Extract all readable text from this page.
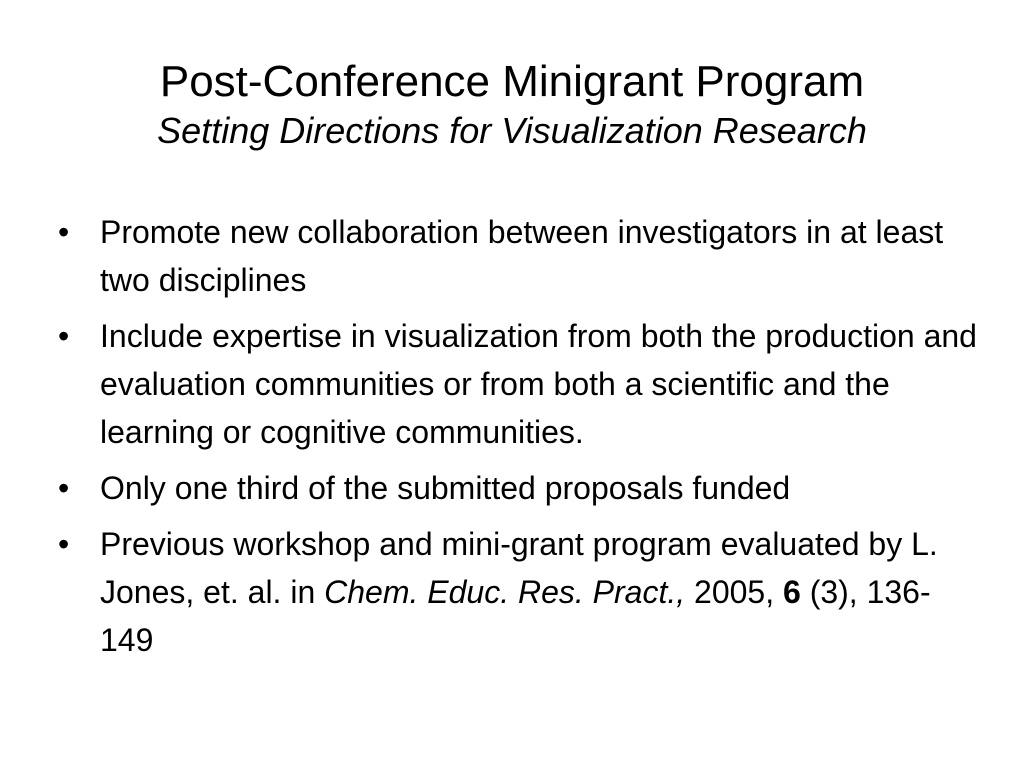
Post-Conference Minigrant Program
Setting Directions for Visualization Research
• Promote new collaboration between investigators in at least two disciplines
• Include expertise in visualization from both the production and evaluation communities or from both a scientific and the learning or cognitive communities.
• Only one third of the submitted proposals funded
• Previous workshop and mini-grant program evaluated by L. Jones, et. al. in Chem. Educ. Res. Pract., 2005, 6 (3), 136-149
